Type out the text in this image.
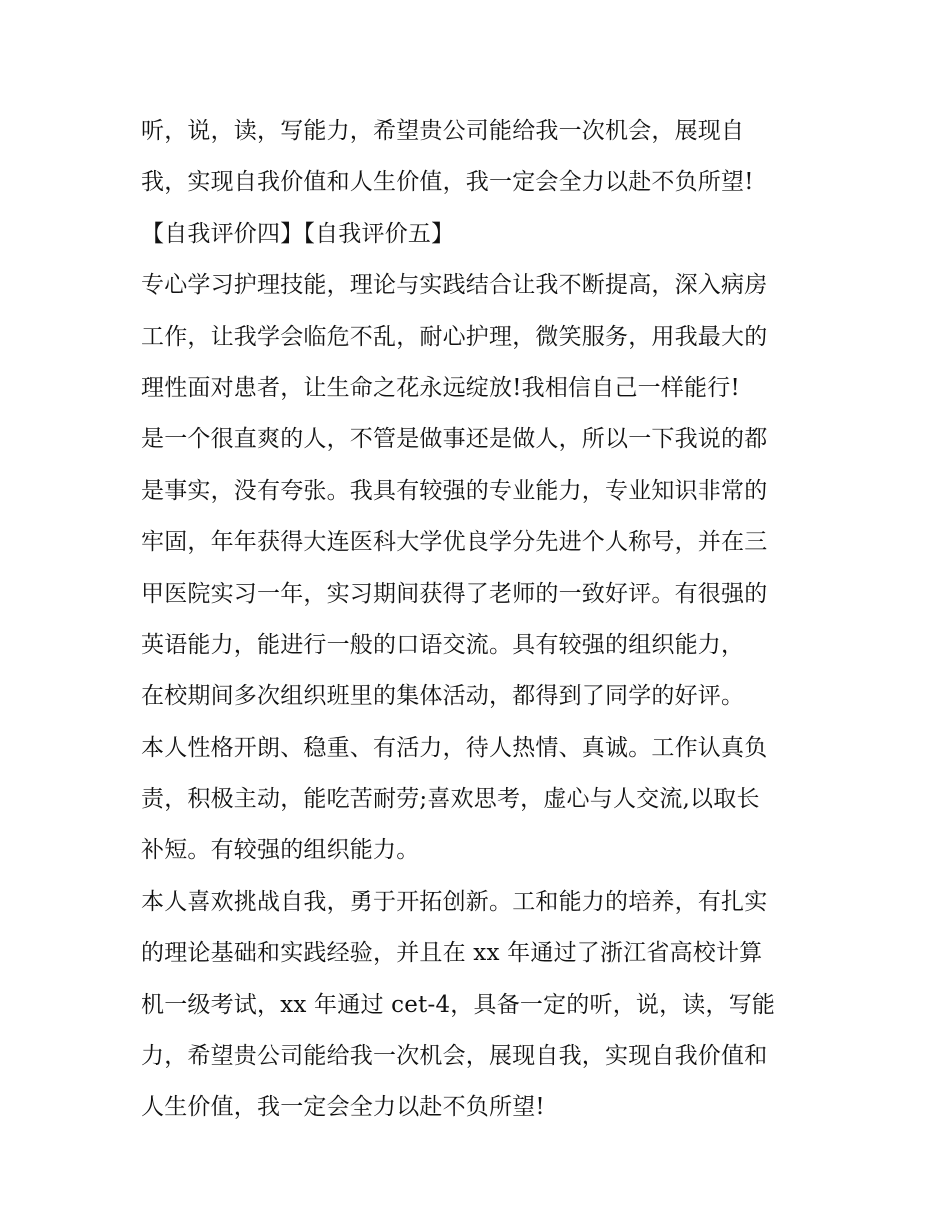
听，说，读，写能力，希望贵公司能给我一次机会，展现自
我，实现自我价值和人生价值，我一定会全力以赴不负所望!
【自我评价四】【自我评价五】
专心学习护理技能，理论与实践结合让我不断提高，深入病房
工作，让我学会临危不乱，耐心护理，微笑服务，用我最大的
理性面对患者，让生命之花永远绽放!我相信自己一样能行!
是一个很直爽的人，不管是做事还是做人，所以一下我说的都
是事实，没有夸张。我具有较强的专业能力，专业知识非常的
牢固，年年获得大连医科大学优良学分先进个人称号，并在三
甲医院实习一年，实习期间获得了老师的一致好评。有很强的
英语能力，能进行一般的口语交流。具有较强的组织能力，
在校期间多次组织班里的集体活动，都得到了同学的好评。
本人性格开朗、稳重、有活力，待人热情、真诚。工作认真负
责，积极主动，能吃苦耐劳;喜欢思考，虚心与人交流,以取长
补短。有较强的组织能力。
本人喜欢挑战自我，勇于开拓创新。工和能力的培养，有扎实
的理论基础和实践经验，并且在 xx 年通过了浙江省高校计算
机一级考试，xx 年通过 cet-4，具备一定的听，说，读，写能
力，希望贵公司能给我一次机会，展现自我，实现自我价值和
人生价值，我一定会全力以赴不负所望!
